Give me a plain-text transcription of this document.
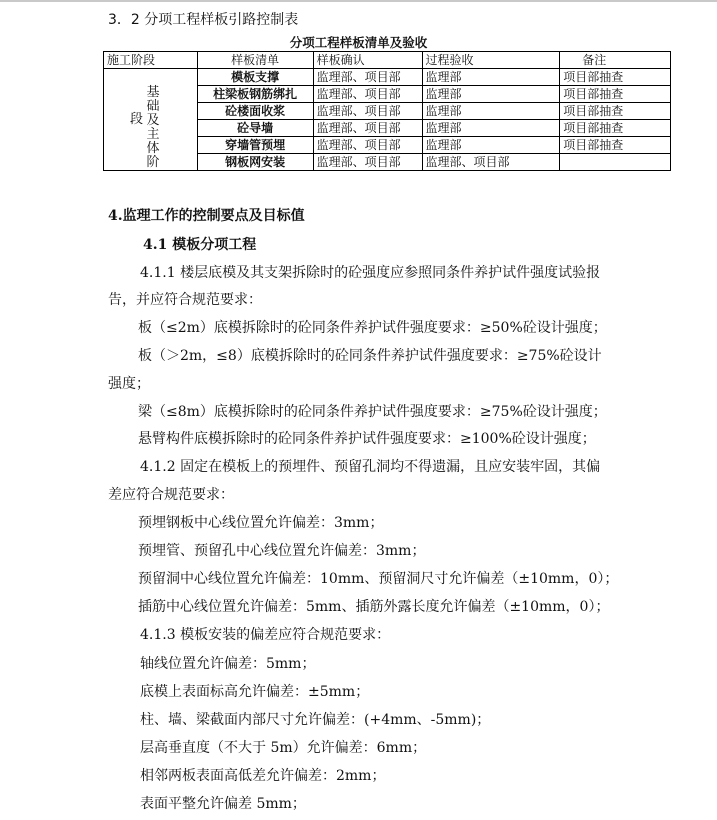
3．2 分项工程样板引路控制表
分项工程样板清单及验收
施工阶段	样板清单	样板确认	过程验收	备注

段
基础及主体阶	模板支撑	监理部、项目部	监理部	项目部抽查
	柱梁板钢筋绑扎	监理部、项目部	监理部	项目部抽查
	砼楼面收浆	监理部、项目部	监理部	项目部抽查
	砼导墙	监理部、项目部	监理部	项目部抽查
	穿墙管预埋	监理部、项目部	监理部	项目部抽查
	钢板网安装	监理部、项目部	监理部、项目部	
4.监理工作的控制要点及目标值
4.1 模板分项工程
4.1.1 楼层底模及其支架拆除时的砼强度应参照同条件养护试件强度试验报
告，并应符合规范要求：
板（≤2m）底模拆除时的砼同条件养护试件强度要求：≥50%砼设计强度；
板（＞2m，≤8）底模拆除时的砼同条件养护试件强度要求：≥75%砼设计
强度；
梁（≤8m）底模拆除时的砼同条件养护试件强度要求：≥75%砼设计强度；
悬臂构件底模拆除时的砼同条件养护试件强度要求：≥100%砼设计强度；
4.1.2 固定在模板上的预埋件、预留孔洞均不得遗漏，且应安装牢固，其偏
差应符合规范要求：
预埋钢板中心线位置允许偏差：3mm；
预埋管、预留孔中心线位置允许偏差：3mm；
预留洞中心线位置允许偏差：10mm、预留洞尺寸允许偏差（±10mm，0）；
插筋中心线位置允许偏差：5mm、插筋外露长度允许偏差（±10mm，0）；
4.1.3 模板安装的偏差应符合规范要求：
轴线位置允许偏差：5mm；
底模上表面标高允许偏差：±5mm；
柱、墙、梁截面内部尺寸允许偏差：(+4mm、-5mm)；
层高垂直度（不大于 5m）允许偏差：6mm；
相邻两板表面高低差允许偏差：2mm；
表面平整允许偏差 5mm；
